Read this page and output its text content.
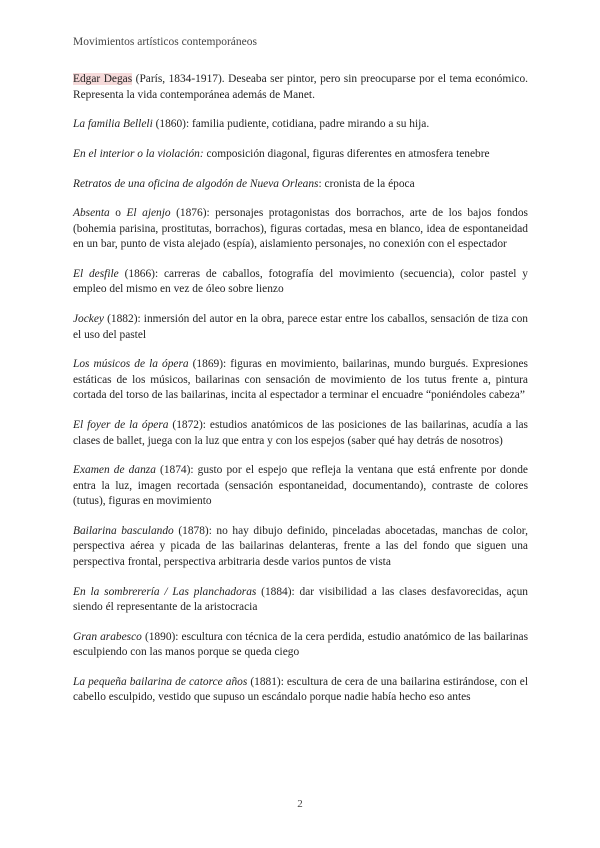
Movimientos artísticos contemporáneos

Edgar Degas (París, 1834-1917). Deseaba ser pintor, pero sin preocuparse por el tema económico. Representa la vida contemporánea además de Manet.

La familia Belleli (1860): familia pudiente, cotidiana, padre mirando a su hija.

En el interior o la violación: composición diagonal, figuras diferentes en atmosfera tenebre

Retratos de una oficina de algodón de Nueva Orleans: cronista de la época

Absenta o El ajenjo (1876): personajes protagonistas dos borrachos, arte de los bajos fondos (bohemia parisina, prostitutas, borrachos), figuras cortadas, mesa en blanco, idea de espontaneidad en un bar, punto de vista alejado (espía), aislamiento personajes, no conexión con el espectador

El desfile (1866): carreras de caballos, fotografía del movimiento (secuencia), color pastel y empleo del mismo en vez de óleo sobre lienzo

Jockey (1882): inmersión del autor en la obra, parece estar entre los caballos, sensación de tiza con el uso del pastel

Los músicos de la ópera (1869): figuras en movimiento, bailarinas, mundo burgués. Expresiones estáticas de los músicos, bailarinas con sensación de movimiento de los tutus frente a, pintura cortada del torso de las bailarinas, incita al espectador a terminar el encuadre “poniéndoles cabeza”

El foyer de la ópera (1872): estudios anatómicos de las posiciones de las bailarinas, acudía a las clases de ballet, juega con la luz que entra y con los espejos (saber qué hay detrás de nosotros)

Examen de danza (1874): gusto por el espejo que refleja la ventana que está enfrente por donde entra la luz, imagen recortada (sensación espontaneidad, documentando), contraste de colores (tutus), figuras en movimiento

Bailarina basculando (1878): no hay dibujo definido, pinceladas abocetadas, manchas de color, perspectiva aérea y picada de las bailarinas delanteras, frente a las del fondo que siguen una perspectiva frontal, perspectiva arbitraria desde varios puntos de vista

En la sombrerería / Las planchadoras (1884): dar visibilidad a las clases desfavorecidas, açun siendo él representante de la aristocracia

Gran arabesco (1890): escultura con técnica de la cera perdida, estudio anatómico de las bailarinas esculpiendo con las manos porque se queda ciego

La pequeña bailarina de catorce años (1881): escultura de cera de una bailarina estirándose, con el cabello esculpido, vestido que supuso un escándalo porque nadie había hecho eso antes

2
